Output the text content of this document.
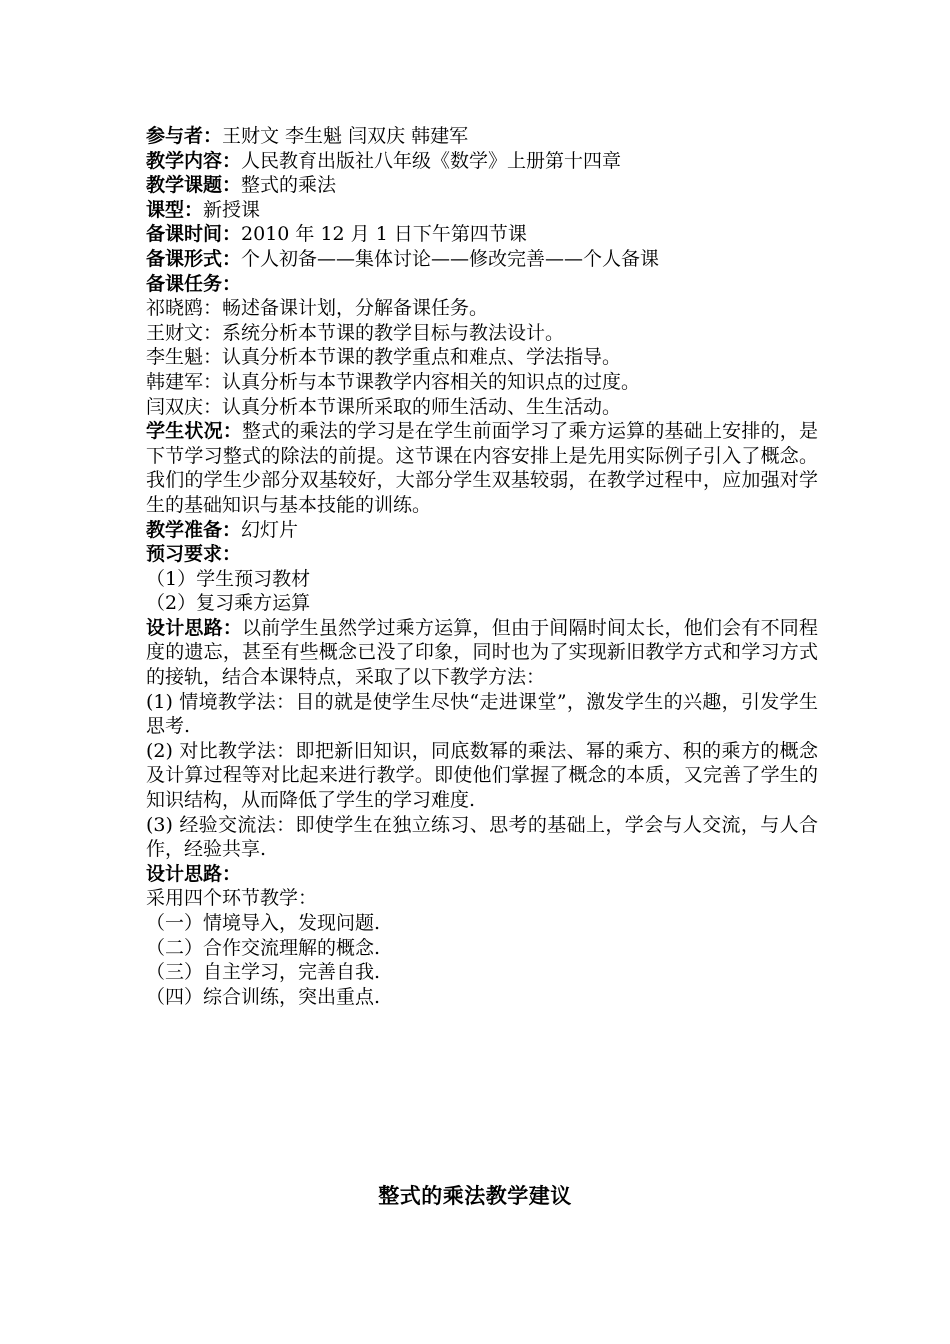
参与者：王财文 李生魁 闫双庆 韩建军
教学内容：人民教育出版社八年级《数学》上册第十四章
教学课题：整式的乘法
课型：新授课
备课时间：2010 年 12 月 1 日下午第四节课
备课形式：个人初备——集体讨论——修改完善——个人备课
备课任务：
祁晓鸥：畅述备课计划，分解备课任务。
王财文：系统分析本节课的教学目标与教法设计。
李生魁：认真分析本节课的教学重点和难点、学法指导。
韩建军：认真分析与本节课教学内容相关的知识点的过度。
闫双庆：认真分析本节课所采取的师生活动、生生活动。
学生状况：整式的乘法的学习是在学生前面学习了乘方运算的基础上安排的，是下节学习整式的除法的前提。这节课在内容安排上是先用实际例子引入了概念。我们的学生少部分双基较好，大部分学生双基较弱，在教学过程中，应加强对学生的基础知识与基本技能的训练。
教学准备：幻灯片
预习要求：
（1）学生预习教材
（2）复习乘方运算
设计思路：以前学生虽然学过乘方运算，但由于间隔时间太长，他们会有不同程度的遗忘，甚至有些概念已没了印象，同时也为了实现新旧教学方式和学习方式的接轨，结合本课特点，采取了以下教学方法：
(1) 情境教学法：目的就是使学生尽快“走进课堂”，激发学生的兴趣，引发学生思考.
(2) 对比教学法：即把新旧知识，同底数幂的乘法、幂的乘方、积的乘方的概念及计算过程等对比起来进行教学。即使他们掌握了概念的本质，又完善了学生的知识结构，从而降低了学生的学习难度.
(3) 经验交流法：即使学生在独立练习、思考的基础上，学会与人交流，与人合作，经验共享.
设计思路：
采用四个环节教学：
（一）情境导入，发现问题.
（二）合作交流理解的概念.
（三）自主学习，完善自我.
（四）综合训练，突出重点.
整式的乘法教学建议
